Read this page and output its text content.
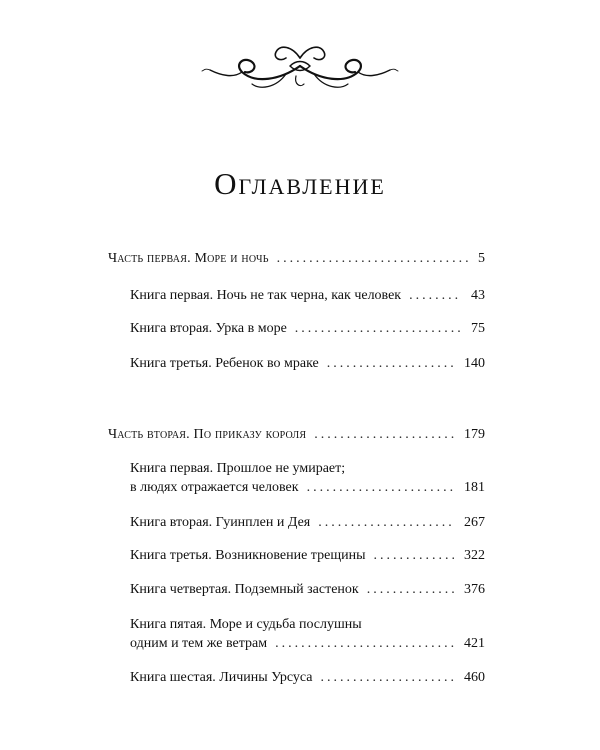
Оглавление
Часть первая. Море и ночь .....	5
Книга первая. Ночь не так черна, как человек .....	43
Книга вторая. Урка в море .....	75
Книга третья. Ребенок во мраке .....	140
Часть вторая. По приказу короля .....	179
Книга первая. Прошлое не умирает;
в людях отражается человек .....	181
Книга вторая. Гуинплен и Дея .....	267
Книга третья. Возникновение трещины .....	322
Книга четвертая. Подземный застенок .....	376
Книга пятая. Море и судьба послушны
одним и тем же ветрам .....	421
Книга шестая. Личины Урсуса .....	460
